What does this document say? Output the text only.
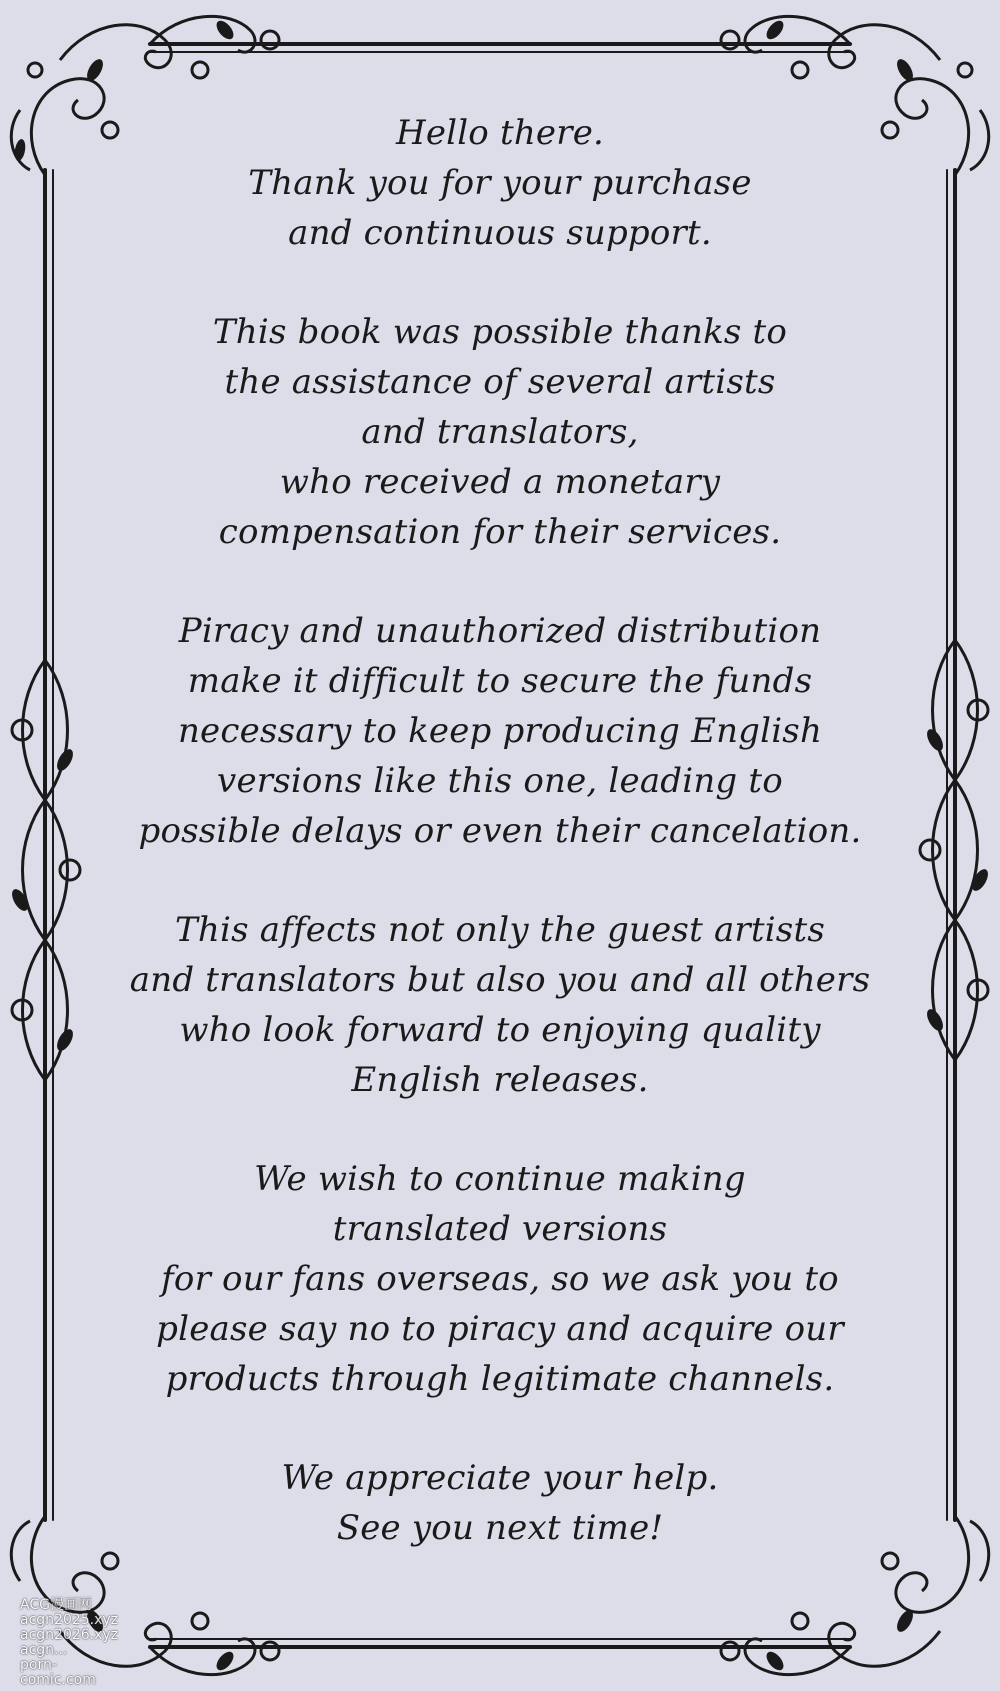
Hello there.
Thank you for your purchase
and continuous support.
This book was possible thanks to
the assistance of several artists
and translators,
who received a monetary
compensation for their services.
Piracy and unauthorized distribution
make it difficult to secure the funds
necessary to keep producing English
versions like this one, leading to
possible delays or even their cancelation.
This affects not only the guest artists
and translators but also you and all others
who look forward to enjoying quality
English releases.
We wish to continue making
translated versions
for our fans overseas, so we ask you to
please say no to piracy and acquire our
products through legitimate channels.
We appreciate your help.
See you next time!
ACG漫画网
acgn2025.xyz
acgn2026.xyz
acgn...
porn-comic.com
